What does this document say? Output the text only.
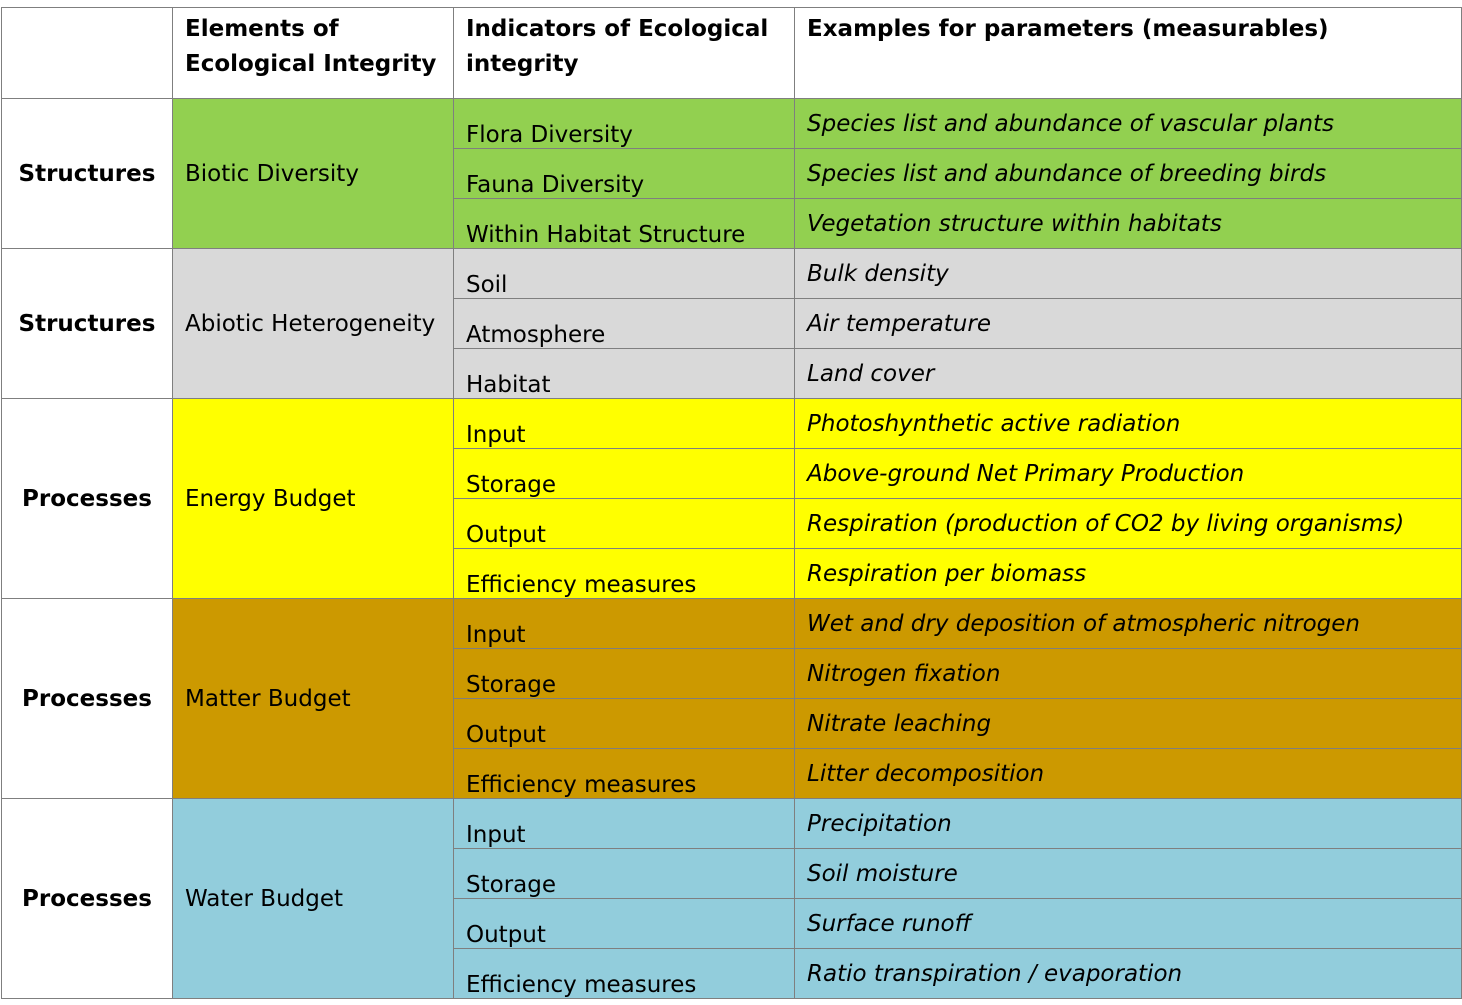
	Elements of Ecological Integrity	Indicators of Ecological integrity	Examples for parameters (measurables)
Structures	Biotic Diversity	Flora Diversity	Species list and abundance of vascular plants
		Fauna Diversity	Species list and abundance of breeding birds
		Within Habitat Structure	Vegetation structure within habitats
Structures	Abiotic Heterogeneity	Soil	Bulk density
		Atmosphere	Air temperature
		Habitat	Land cover
Processes	Energy Budget	Input	Photoshynthetic active radiation
		Storage	Above-ground Net Primary Production
		Output	Respiration (production of CO2 by living organisms)
		Efficiency measures	Respiration per biomass
Processes	Matter Budget	Input	Wet and dry deposition of atmospheric nitrogen
		Storage	Nitrogen fixation
		Output	Nitrate leaching
		Efficiency measures	Litter decomposition
Processes	Water Budget	Input	Precipitation
		Storage	Soil moisture
		Output	Surface runoff
		Efficiency measures	Ratio transpiration / evaporation
